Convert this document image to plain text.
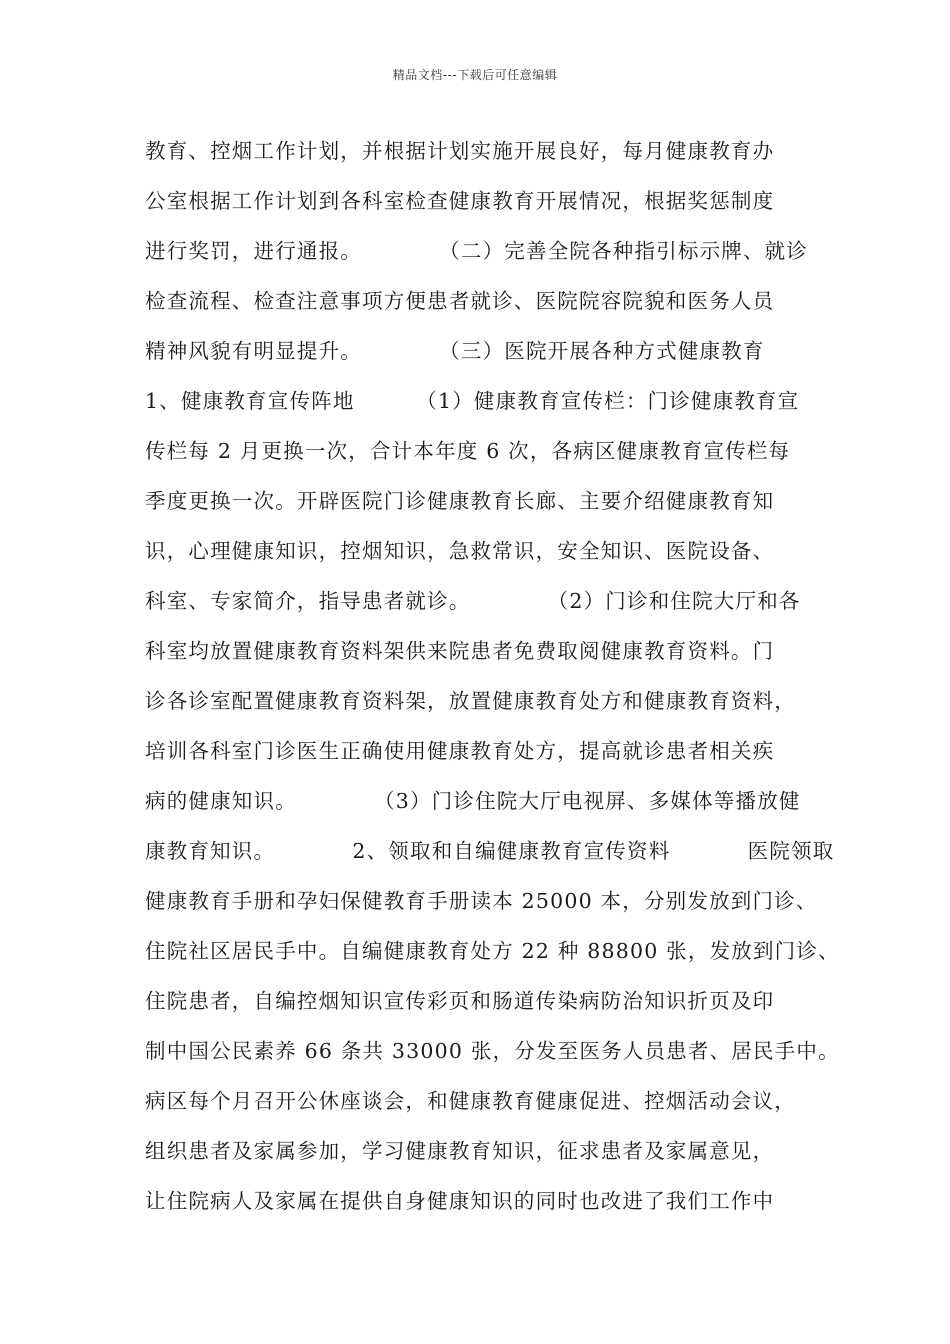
精品文档---下载后可任意编辑
教育、控烟工作计划，并根据计划实施开展良好，每月健康教育办
公室根据工作计划到各科室检查健康教育开展情况，根据奖惩制度
进行奖罚，进行通报。          （二）完善全院各种指引标示牌、就诊
检查流程、检查注意事项方便患者就诊、医院院容院貌和医务人员
精神风貌有明显提升。          （三）医院开展各种方式健康教育
1、健康教育宣传阵地        （1）健康教育宣传栏：门诊健康教育宣
传栏每 2 月更换一次，合计本年度 6 次，各病区健康教育宣传栏每
季度更换一次。开辟医院门诊健康教育长廊、主要介绍健康教育知
识，心理健康知识，控烟知识，急救常识，安全知识、医院设备、
科室、专家简介，指导患者就诊。          （2）门诊和住院大厅和各
科室均放置健康教育资料架供来院患者免费取阅健康教育资料。门
诊各诊室配置健康教育资料架，放置健康教育处方和健康教育资料，
培训各科室门诊医生正确使用健康教育处方，提高就诊患者相关疾
病的健康知识。          （3）门诊住院大厅电视屏、多媒体等播放健
康教育知识。          2、领取和自编健康教育宣传资料          医院领取
健康教育手册和孕妇保健教育手册读本 25000 本，分别发放到门诊、
住院社区居民手中。自编健康教育处方 22 种 88800 张，发放到门诊、
住院患者，自编控烟知识宣传彩页和肠道传染病防治知识折页及印
制中国公民素养 66 条共 33000 张，分发至医务人员患者、居民手中。
病区每个月召开公休座谈会，和健康教育健康促进、控烟活动会议，
组织患者及家属参加，学习健康教育知识，征求患者及家属意见，
让住院病人及家属在提供自身健康知识的同时也改进了我们工作中
